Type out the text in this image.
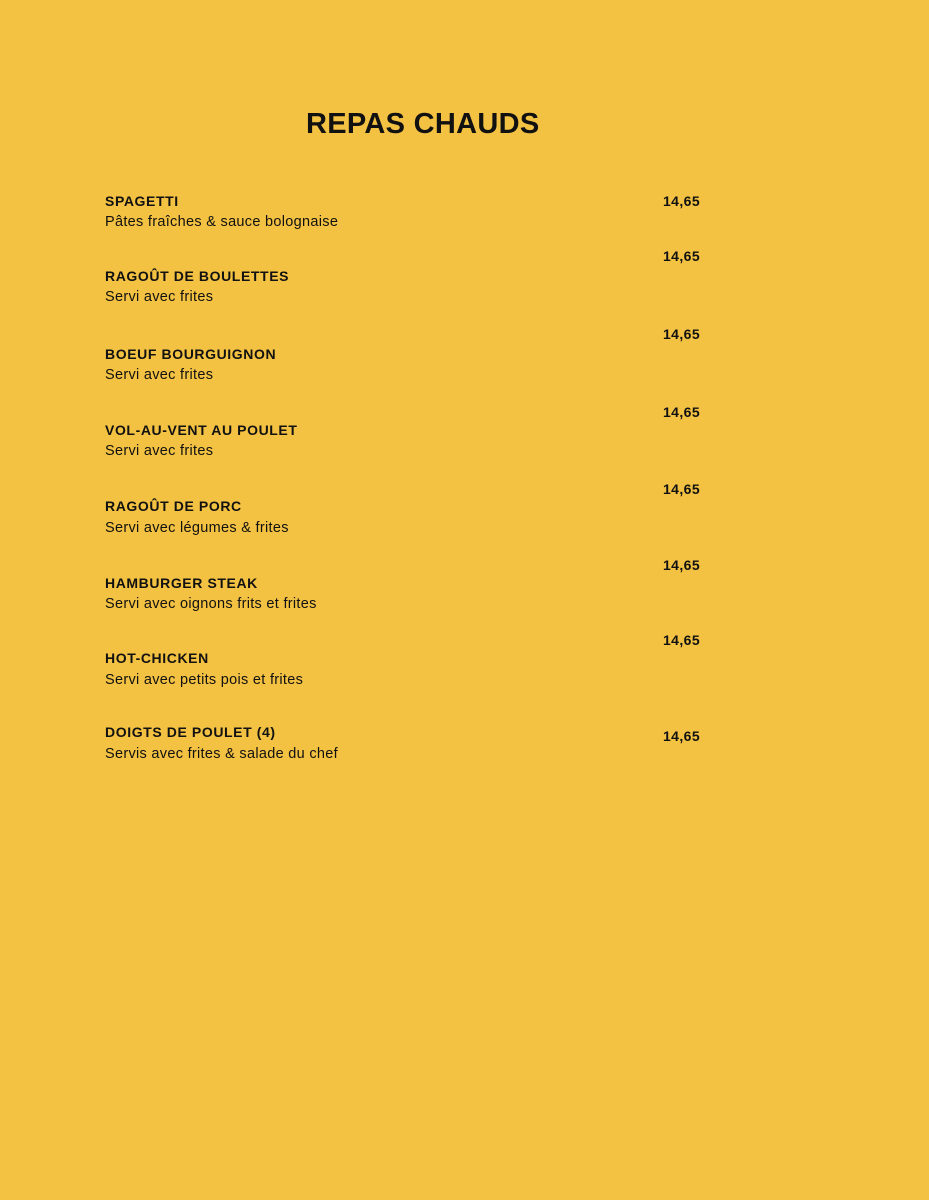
REPAS CHAUDS
SPAGETTI
Pâtes fraîches & sauce bolognaise
14,65
14,65
RAGOÛT DE BOULETTES
Servi avec frites
14,65
BOEUF BOURGUIGNON
Servi avec frites
14,65
VOL-AU-VENT AU POULET
Servi avec frites
14,65
RAGOÛT DE PORC
Servi avec légumes & frites
14,65
HAMBURGER STEAK
Servi avec oignons frits et frites
14,65
HOT-CHICKEN
Servi avec petits pois et frites
DOIGTS DE POULET (4)	14,65
Servis avec frites & salade du chef
